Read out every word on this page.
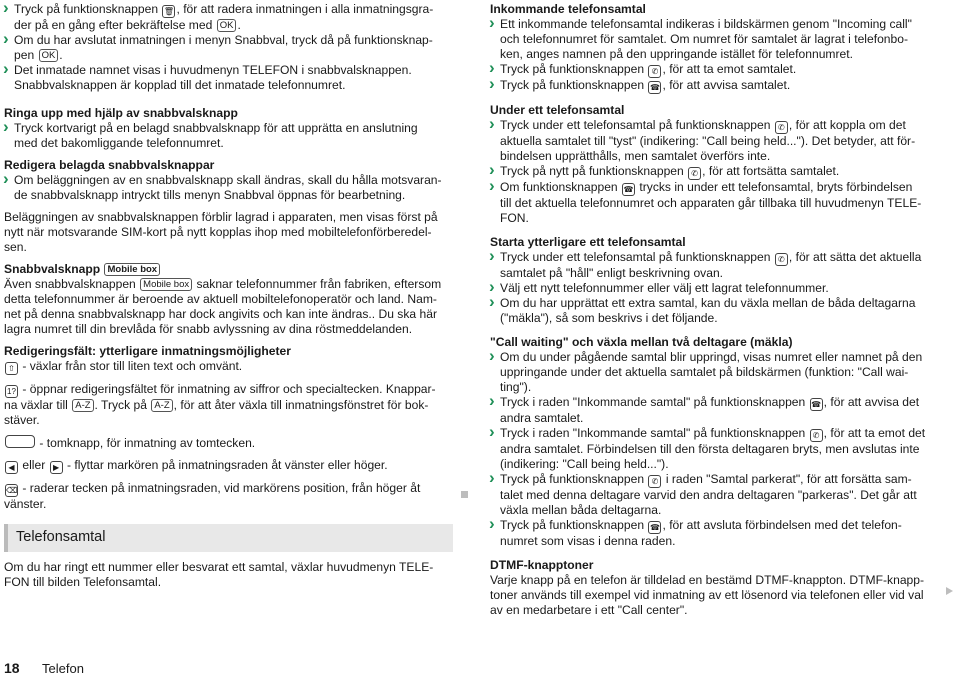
› Tryck på funktionsknappen 🗑 , för att radera inmatningen i alla inmatningsgra-

der på en gång efter bekräftelse med OK .

› Om du har avslutat inmatningen i menyn Snabbval, tryck då på funktionsknap-

pen OK .

› Det inmatade namnet visas i huvudmenyn TELEFON i snabbvalsknappen.

Snabbvalsknappen är kopplad till det inmatade telefonnumret.

Ringa upp med hjälp av snabbvalsknapp

› Tryck kortvarigt på en belagd snabbvalsknapp för att upprätta en anslutning

med det bakomliggande telefonnumret.

Redigera belagda snabbvalsknappar

› Om beläggningen av en snabbvalsknapp skall ändras, skall du hålla motsvaran-

de snabbvalsknapp intryckt tills menyn Snabbval öppnas för bearbetning.

Beläggningen av snabbvalsknappen förblir lagrad i apparaten, men visas först på

nytt när motsvarande SIM-kort på nytt kopplas ihop med mobiltelefonförberedel-

sen.

Snabbvalsknapp Mobile box

Även snabbvalsknappen Mobile box saknar telefonnummer från fabriken, eftersom

detta telefonnummer är beroende av aktuell mobiltelefonoperatör och land. Nam-

net på denna snabbvalsknapp har dock angivits och kan inte ändras.. Du ska här

lagra numret till din brevlåda för snabb avlyssning av dina röstmeddelanden.

Redigeringsfält: ytterligare inmatningsmöjligheter

⇧ - växlar från stor till liten text och omvänt.

1? - öppnar redigeringsfältet för inmatning av siffror och specialtecken. Knappar-

na växlar till A-Z . Tryck på A-Z , för att åter växla till inmatningsfönstret för bok-

stäver.

- tomknapp, för inmatning av tomtecken.

◀ eller ▶ - flyttar markören på inmatningsraden åt vänster eller höger.

⌫ - raderar tecken på inmatningsraden, vid markörens position, från höger åt

vänster.

Telefonsamtal

Om du har ringt ett nummer eller besvarat ett samtal, växlar huvudmenyn TELE-
FON till bilden Telefonsamtal.

Inkommande telefonsamtal

› Ett inkommande telefonsamtal indikeras i bildskärmen genom "Incoming call"

och telefonnumret för samtalet. Om numret för samtalet är lagrat i telefonbo-

ken, anges namnen på den uppringande istället för telefonnumret.

› Tryck på funktionsknappen ✆ , för att ta emot samtalet.
› Tryck på funktionsknappen ☎ , för att avvisa samtalet.

Under ett telefonsamtal

› Tryck under ett telefonsamtal på funktionsknappen ✆ , för att koppla om det

aktuella samtalet till "tyst" (indikering: "Call being held..."). Det betyder, att för-

bindelsen upprätthålls, men samtalet överförs inte.

› Tryck på nytt på funktionsknappen ✆ , för att fortsätta samtalet.
› Om funktionsknappen ☎ trycks in under ett telefonsamtal, bryts förbindelsen

till det aktuella telefonnumret och apparaten går tillbaka till huvudmenyn TELE-

FON.

Starta ytterligare ett telefonsamtal

› Tryck under ett telefonsamtal på funktionsknappen ✆ , för att sätta det aktuella

samtalet på "håll" enligt beskrivning ovan.

› Välj ett nytt telefonnummer eller välj ett lagrat telefonnummer.
› Om du har upprättat ett extra samtal, kan du växla mellan de båda deltagarna

("mäkla"), så som beskrivs i det följande.

"Call waiting" och växla mellan två deltagare (mäkla)

› Om du under pågående samtal blir uppringd, visas numret eller namnet på den

uppringande under det aktuella samtalet på bildskärmen (funktion: "Call wai-

ting").

› Tryck i raden "Inkommande samtal" på funktionsknappen ☎ , för att avvisa det

andra samtalet.

› Tryck i raden "Inkommande samtal" på funktionsknappen ✆ , för att ta emot det

andra samtalet. Förbindelsen till den första deltagaren bryts, men avslutas inte

(indikering: "Call being held...").

› Tryck på funktionsknappen ✆ i raden "Samtal parkerat", för att forsätta sam-

talet med denna deltagare varvid den andra deltagaren "parkeras". Det går att

växla mellan båda deltagarna.

› Tryck på funktionsknappen ☎ , för att avsluta förbindelsen med det telefon-

numret som visas i denna raden.

DTMF-knapptoner

Varje knapp på en telefon är tilldelad en bestämd DTMF-knappton. DTMF-knapp-

toner används till exempel vid inmatning av ett lösenord via telefonen eller vid val

av en medarbetare i ett "Call center".

18 Telefon
